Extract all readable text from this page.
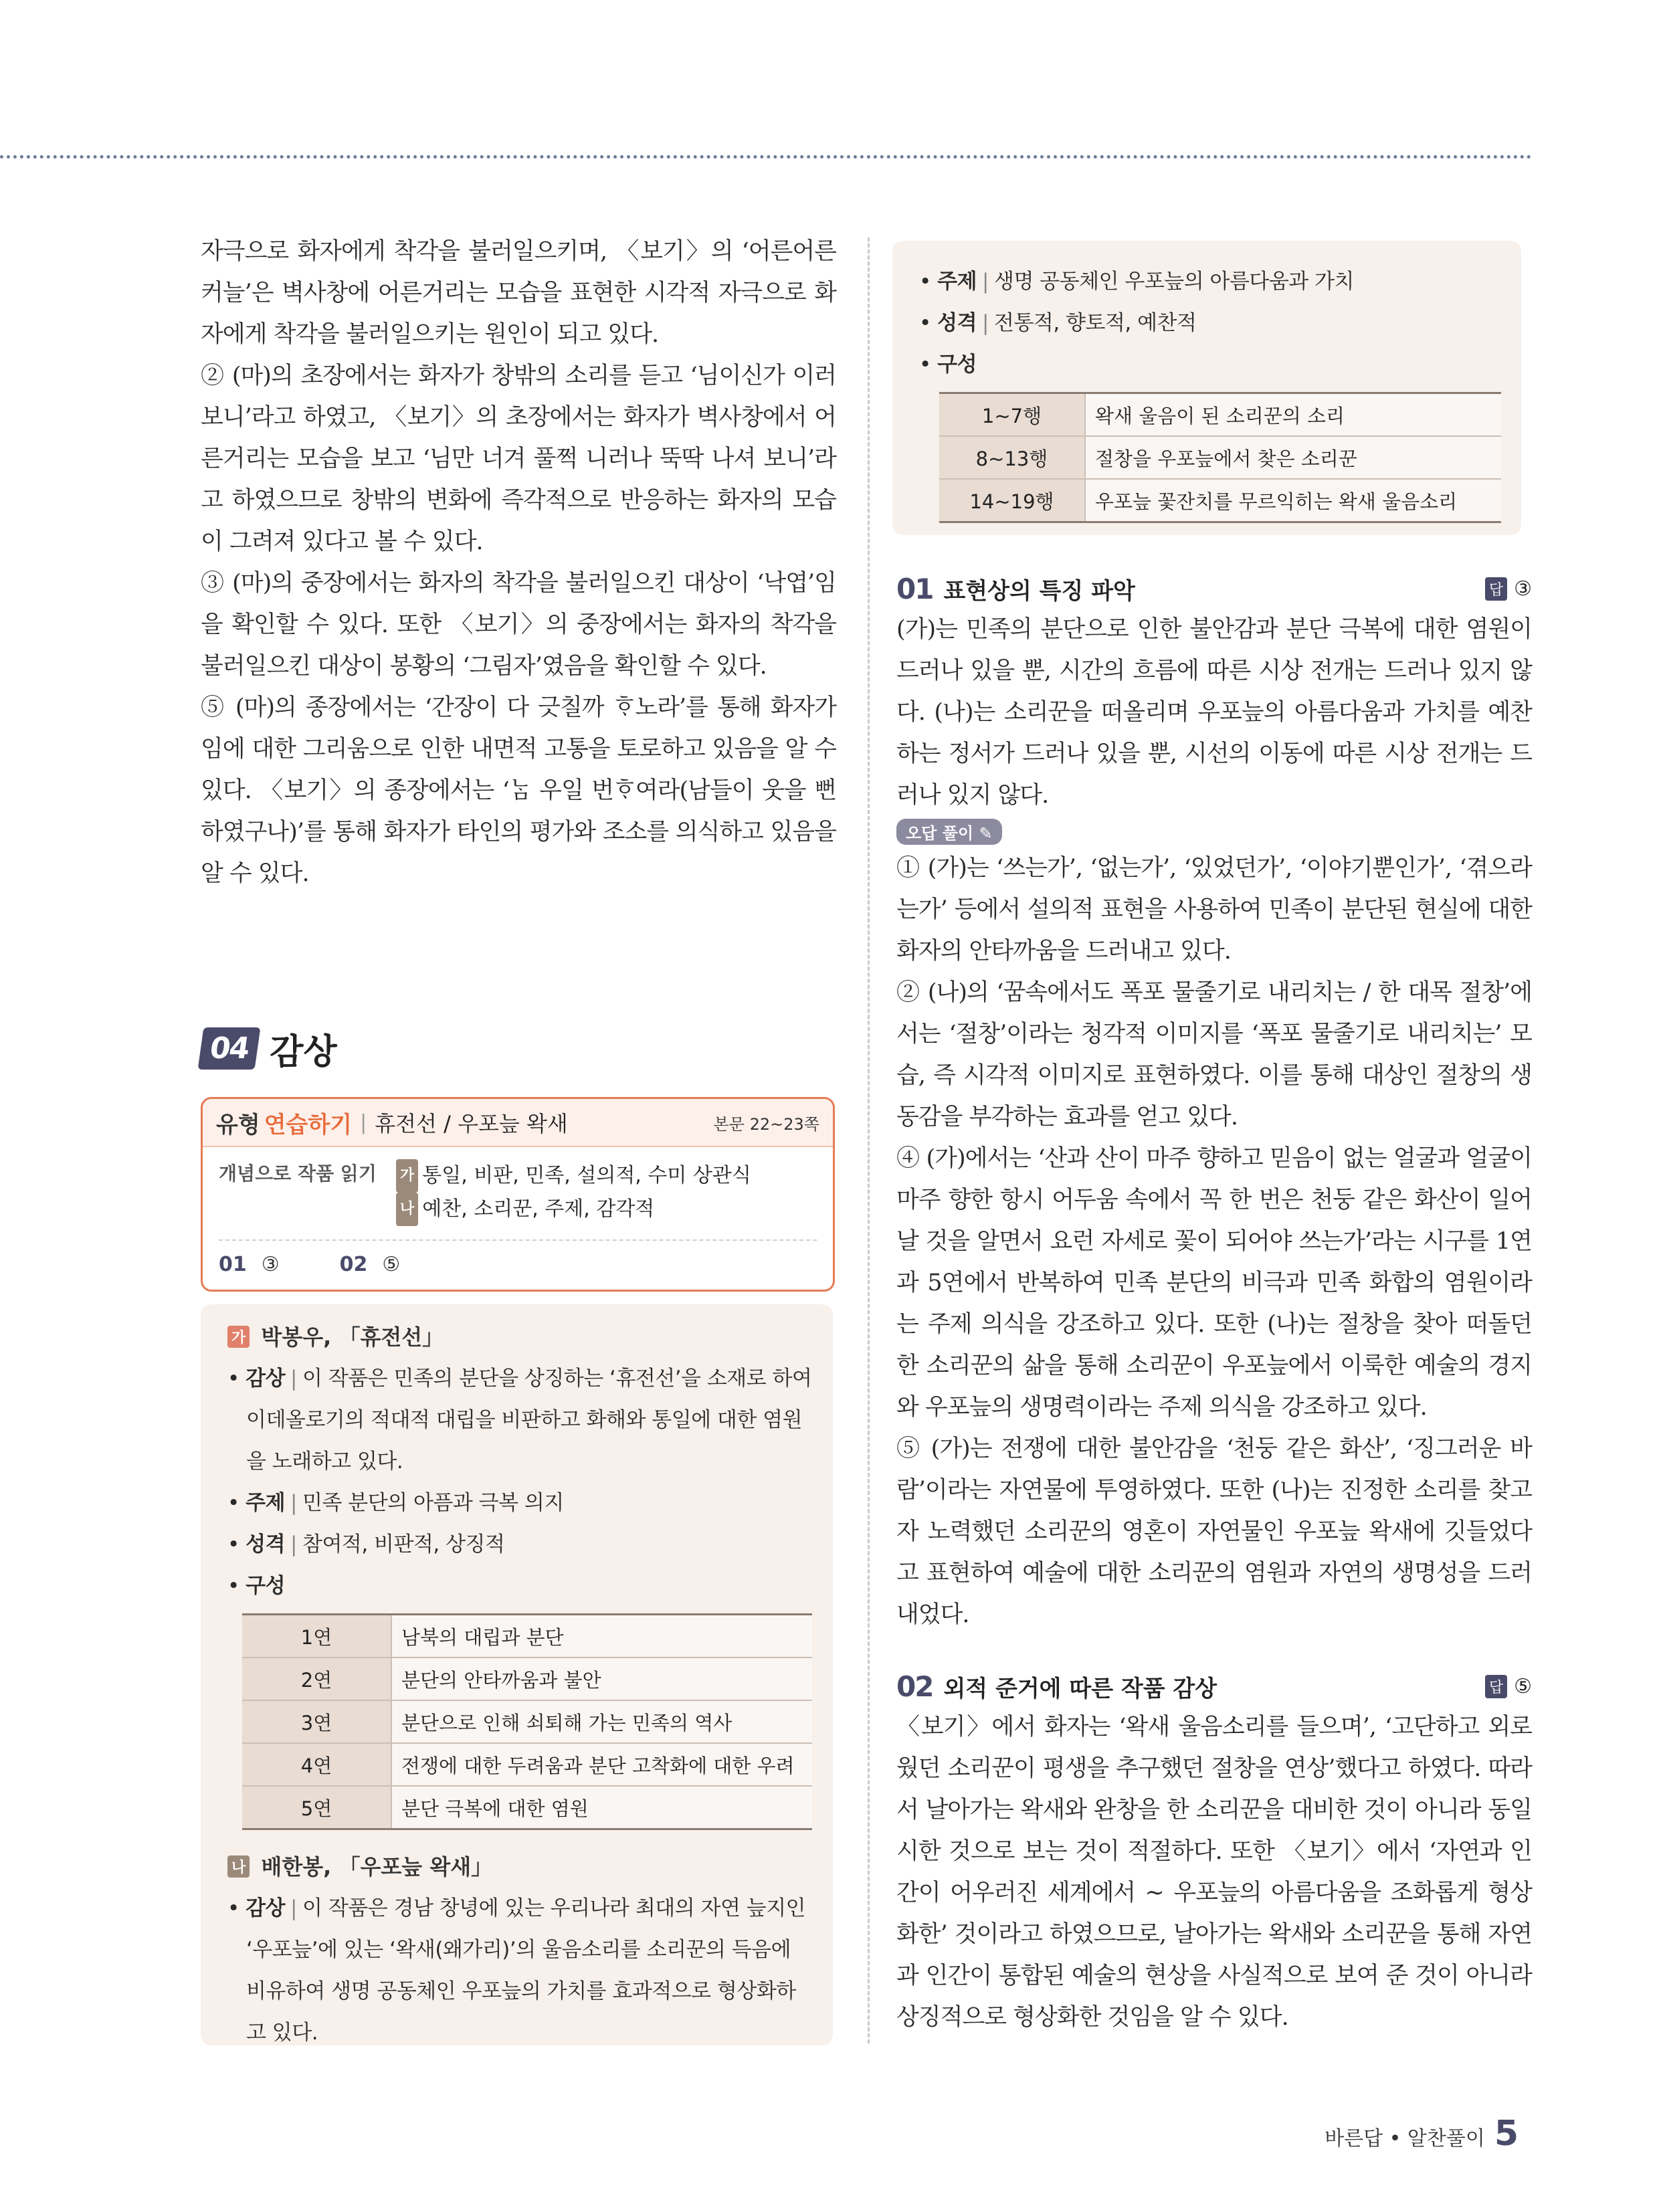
자극으로 화자에게 착각을 불러일으키며, 〈보기〉의 ‘어른어른커늘’은 벽사창에 어른거리는 모습을 표현한 시각적 자극으로 화자에게 착각을 불러일으키는 원인이 되고 있다.

② (마)의 초장에서는 화자가 창밖의 소리를 듣고 ‘님이신가 이러보니’라고 하였고, 〈보기〉의 초장에서는 화자가 벽사창에서 어른거리는 모습을 보고 ‘님만 너겨 풀쩍 니러나 뚝딱 나셔 보니’라고 하였으므로 창밖의 변화에 즉각적으로 반응하는 화자의 모습이 그려져 있다고 볼 수 있다.

③ (마)의 중장에서는 화자의 착각을 불러일으킨 대상이 ‘낙엽’임을 확인할 수 있다. 또한 〈보기〉의 중장에서는 화자의 착각을 불러일으킨 대상이 봉황의 ‘그림자’였음을 확인할 수 있다.

⑤ (마)의 종장에서는 ‘간장이 다 긋칠까 ᄒᆞ노라’를 통해 화자가 임에 대한 그리움으로 인한 내면적 고통을 토로하고 있음을 알 수 있다. 〈보기〉의 종장에서는 ‘ᄂᆞᆷ 우일 번ᄒᆞ여라(남들이 웃을 뻔하였구나)’를 통해 화자가 타인의 평가와 조소를 의식하고 있음을 알 수 있다.

04 감상
유형 연습하기 | 휴전선 / 우포늪 왁새	본문 22~23쪽
개념으로 작품 읽기	가 통일, 비판, 민족, 설의적, 수미 상관식
나 예찬, 소리꾼, 주제, 감각적
01 ③	02 ⑤
가 박봉우, 「휴전선」
• 감상 | 이 작품은 민족의 분단을 상징하는 ‘휴전선’을 소재로 하여 이데올로기의 적대적 대립을 비판하고 화해와 통일에 대한 염원을 노래하고 있다.
• 주제 | 민족 분단의 아픔과 극복 의지
• 성격 | 참여적, 비판적, 상징적
• 구성
1연	남북의 대립과 분단
2연	분단의 안타까움과 불안
3연	분단으로 인해 쇠퇴해 가는 민족의 역사
4연	전쟁에 대한 두려움과 분단 고착화에 대한 우려
5연	분단 극복에 대한 염원
나 배한봉, 「우포늪 왁새」
• 감상 | 이 작품은 경남 창녕에 있는 우리나라 최대의 자연 늪지인 ‘우포늪’에 있는 ‘왁새(왜가리)’의 울음소리를 소리꾼의 득음에 비유하여 생명 공동체인 우포늪의 가치를 효과적으로 형상화하고 있다.
• 주제 | 생명 공동체인 우포늪의 아름다움과 가치
• 성격 | 전통적, 향토적, 예찬적
• 구성
1~7행	왁새 울음이 된 소리꾼의 소리
8~13행	절창을 우포늪에서 찾은 소리꾼
14~19행	우포늪 꽃잔치를 무르익히는 왁새 울음소리
01 표현상의 특징 파악	답 ③

(가)는 민족의 분단으로 인한 불안감과 분단 극복에 대한 염원이 드러나 있을 뿐, 시간의 흐름에 따른 시상 전개는 드러나 있지 않다. (나)는 소리꾼을 떠올리며 우포늪의 아름다움과 가치를 예찬하는 정서가 드러나 있을 뿐, 시선의 이동에 따른 시상 전개는 드러나 있지 않다.

오답 풀이 ✎

① (가)는 ‘쓰는가’, ‘없는가’, ‘있었던가’, ‘이야기뿐인가’, ‘겪으라는가’ 등에서 설의적 표현을 사용하여 민족이 분단된 현실에 대한 화자의 안타까움을 드러내고 있다.

② (나)의 ‘꿈속에서도 폭포 물줄기로 내리치는 / 한 대목 절창’에서는 ‘절창’이라는 청각적 이미지를 ‘폭포 물줄기로 내리치는’ 모습, 즉 시각적 이미지로 표현하였다. 이를 통해 대상인 절창의 생동감을 부각하는 효과를 얻고 있다.

④ (가)에서는 ‘산과 산이 마주 향하고 믿음이 없는 얼굴과 얼굴이 마주 향한 항시 어두움 속에서 꼭 한 번은 천둥 같은 화산이 일어날 것을 알면서 요런 자세로 꽃이 되어야 쓰는가’라는 시구를 1연과 5연에서 반복하여 민족 분단의 비극과 민족 화합의 염원이라는 주제 의식을 강조하고 있다. 또한 (나)는 절창을 찾아 떠돌던 한 소리꾼의 삶을 통해 소리꾼이 우포늪에서 이룩한 예술의 경지와 우포늪의 생명력이라는 주제 의식을 강조하고 있다.

⑤ (가)는 전쟁에 대한 불안감을 ‘천둥 같은 화산’, ‘징그러운 바람’이라는 자연물에 투영하였다. 또한 (나)는 진정한 소리를 찾고자 노력했던 소리꾼의 영혼이 자연물인 우포늪 왁새에 깃들었다고 표현하여 예술에 대한 소리꾼의 염원과 자연의 생명성을 드러내었다.

02 외적 준거에 따른 작품 감상	답 ⑤

〈보기〉에서 화자는 ‘왁새 울음소리를 들으며’, ‘고단하고 외로웠던 소리꾼이 평생을 추구했던 절창을 연상’했다고 하였다. 따라서 날아가는 왁새와 완창을 한 소리꾼을 대비한 것이 아니라 동일시한 것으로 보는 것이 적절하다. 또한 〈보기〉에서 ‘자연과 인간이 어우러진 세계에서 ~ 우포늪의 아름다움을 조화롭게 형상화한’ 것이라고 하였으므로, 날아가는 왁새와 소리꾼을 통해 자연과 인간이 통합된 예술의 현상을 사실적으로 보여 준 것이 아니라 상징적으로 형상화한 것임을 알 수 있다.

바른답 • 알찬풀이 5
